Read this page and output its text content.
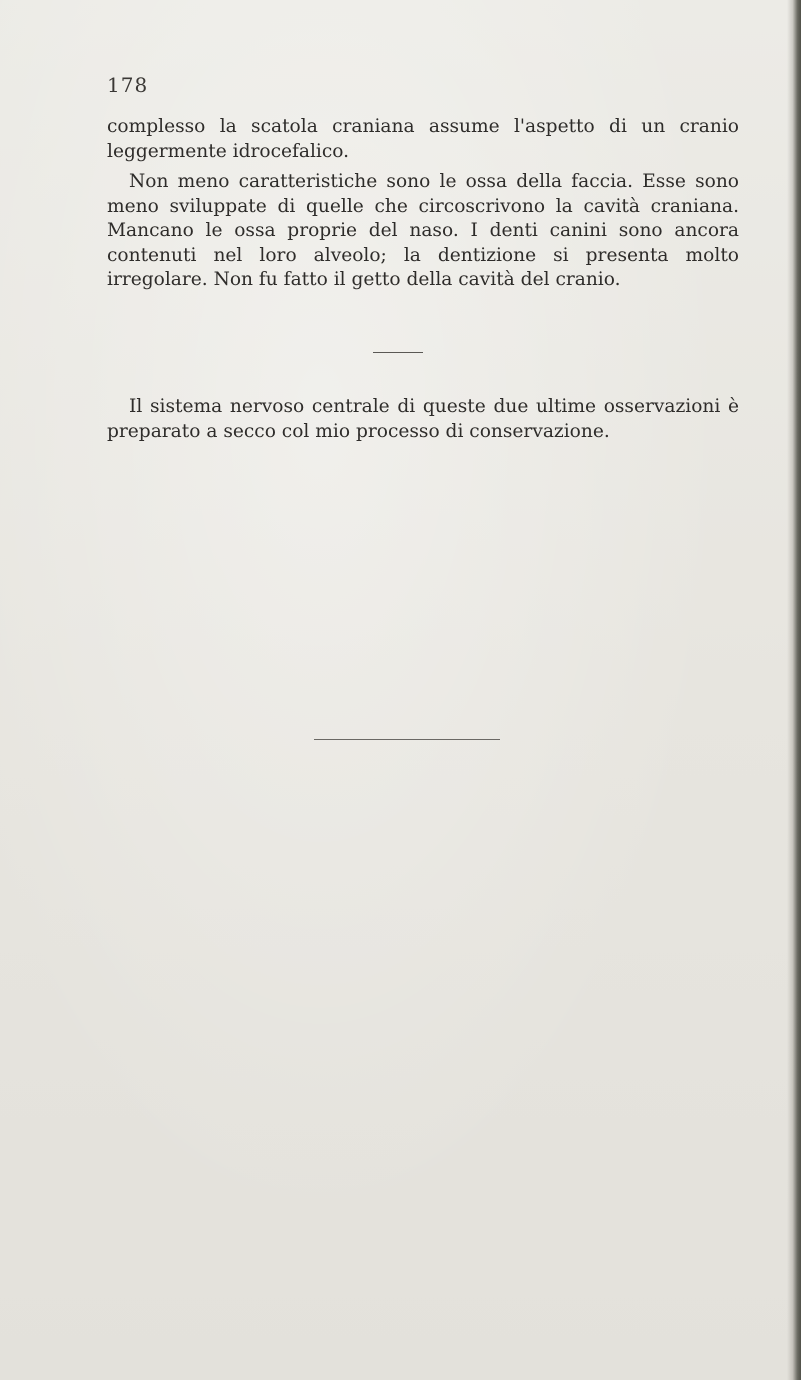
178

complesso la scatola craniana assume l'aspetto di un cranio leggermente idrocefalico.

Non meno caratteristiche sono le ossa della faccia. Esse sono meno sviluppate di quelle che circoscrivono la cavità craniana. Mancano le ossa proprie del naso. I denti canini sono ancora contenuti nel loro alveolo; la dentizione si presenta molto irregolare. Non fu fatto il getto della cavità del cranio.

Il sistema nervoso centrale di queste due ultime osservazioni è preparato a secco col mio processo di conservazione.
